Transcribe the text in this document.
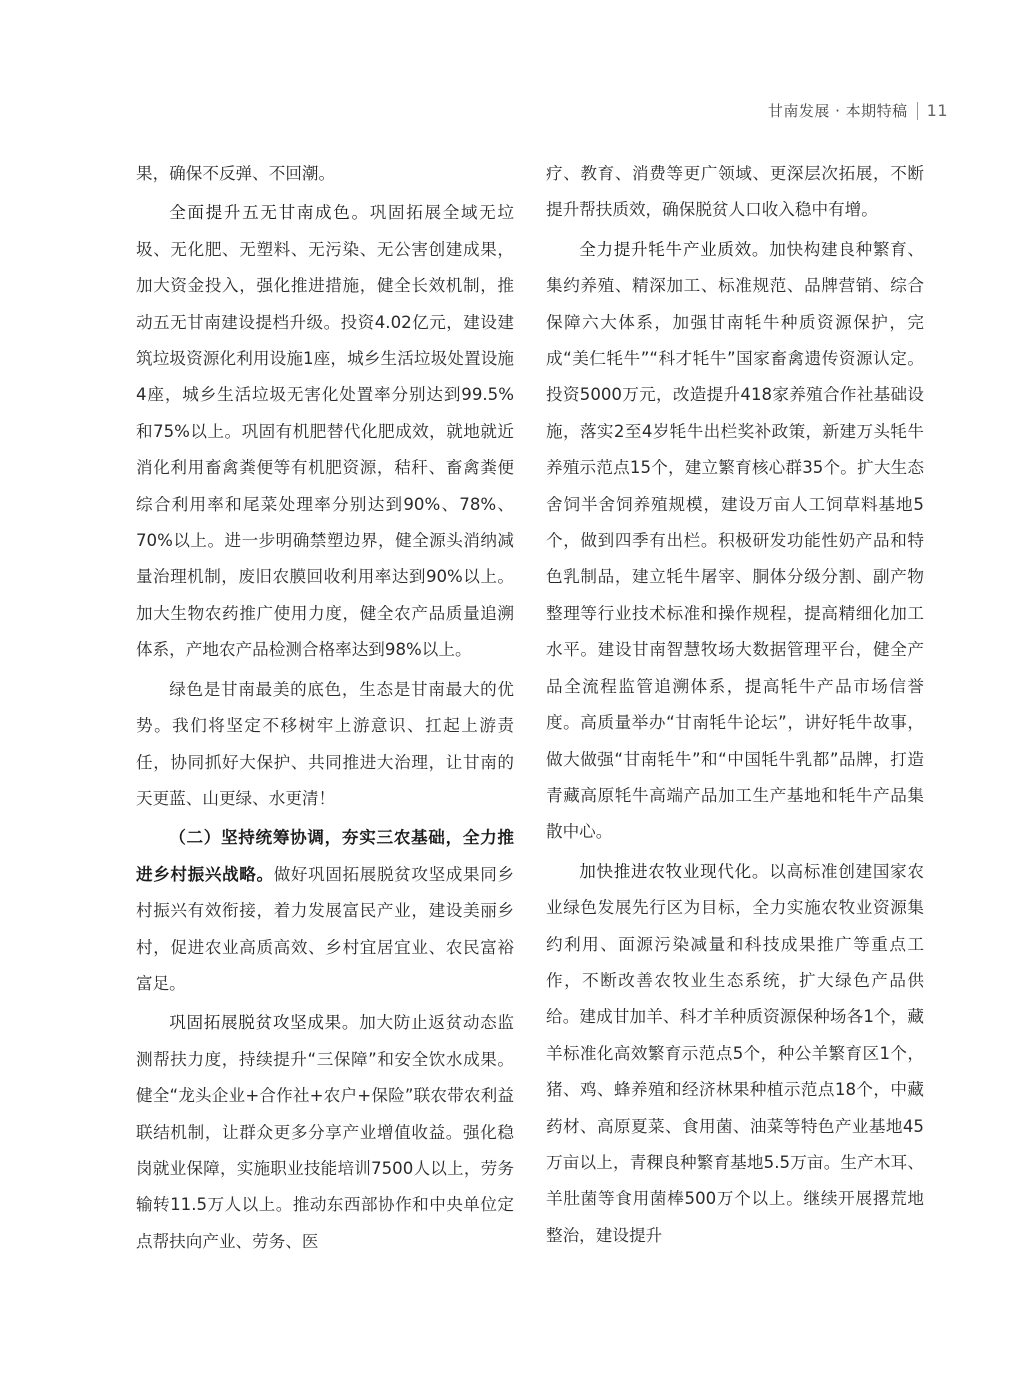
甘南发展 · 本期特稿 11

果，确保不反弹、不回潮。

全面提升五无甘南成色。巩固拓展全域无垃圾、无化肥、无塑料、无污染、无公害创建成果，加大资金投入，强化推进措施，健全长效机制，推动五无甘南建设提档升级。投资4.02亿元，建设建筑垃圾资源化利用设施1座，城乡生活垃圾处置设施4座，城乡生活垃圾无害化处置率分别达到99.5%和75%以上。巩固有机肥替代化肥成效，就地就近消化利用畜禽粪便等有机肥资源，秸秆、畜禽粪便综合利用率和尾菜处理率分别达到90%、78%、70%以上。进一步明确禁塑边界，健全源头消纳减量治理机制，废旧农膜回收利用率达到90%以上。加大生物农药推广使用力度，健全农产品质量追溯体系，产地农产品检测合格率达到98%以上。

绿色是甘南最美的底色，生态是甘南最大的优势。我们将坚定不移树牢上游意识、扛起上游责任，协同抓好大保护、共同推进大治理，让甘南的天更蓝、山更绿、水更清！

（二）坚持统筹协调，夯实三农基础，全力推进乡村振兴战略。做好巩固拓展脱贫攻坚成果同乡村振兴有效衔接，着力发展富民产业，建设美丽乡村，促进农业高质高效、乡村宜居宜业、农民富裕富足。

巩固拓展脱贫攻坚成果。加大防止返贫动态监测帮扶力度，持续提升“三保障”和安全饮水成果。健全“龙头企业+合作社+农户+保险”联农带农利益联结机制，让群众更多分享产业增值收益。强化稳岗就业保障，实施职业技能培训7500人以上，劳务输转11.5万人以上。推动东西部协作和中央单位定点帮扶向产业、劳务、医

疗、教育、消费等更广领域、更深层次拓展，不断提升帮扶质效，确保脱贫人口收入稳中有增。

全力提升牦牛产业质效。加快构建良种繁育、集约养殖、精深加工、标准规范、品牌营销、综合保障六大体系，加强甘南牦牛种质资源保护，完成“美仁牦牛”“科才牦牛”国家畜禽遗传资源认定。投资5000万元，改造提升418家养殖合作社基础设施，落实2至4岁牦牛出栏奖补政策，新建万头牦牛养殖示范点15个，建立繁育核心群35个。扩大生态舍饲半舍饲养殖规模，建设万亩人工饲草料基地5个，做到四季有出栏。积极研发功能性奶产品和特色乳制品，建立牦牛屠宰、胴体分级分割、副产物整理等行业技术标准和操作规程，提高精细化加工水平。建设甘南智慧牧场大数据管理平台，健全产品全流程监管追溯体系，提高牦牛产品市场信誉度。高质量举办“甘南牦牛论坛”，讲好牦牛故事，做大做强“甘南牦牛”和“中国牦牛乳都”品牌，打造青藏高原牦牛高端产品加工生产基地和牦牛产品集散中心。

加快推进农牧业现代化。以高标准创建国家农业绿色发展先行区为目标，全力实施农牧业资源集约利用、面源污染减量和科技成果推广等重点工作，不断改善农牧业生态系统，扩大绿色产品供给。建成甘加羊、科才羊种质资源保种场各1个，藏羊标准化高效繁育示范点5个，种公羊繁育区1个，猪、鸡、蜂养殖和经济林果种植示范点18个，中藏药材、高原夏菜、食用菌、油菜等特色产业基地45万亩以上，青稞良种繁育基地5.5万亩。生产木耳、羊肚菌等食用菌棒500万个以上。继续开展撂荒地整治，建设提升
